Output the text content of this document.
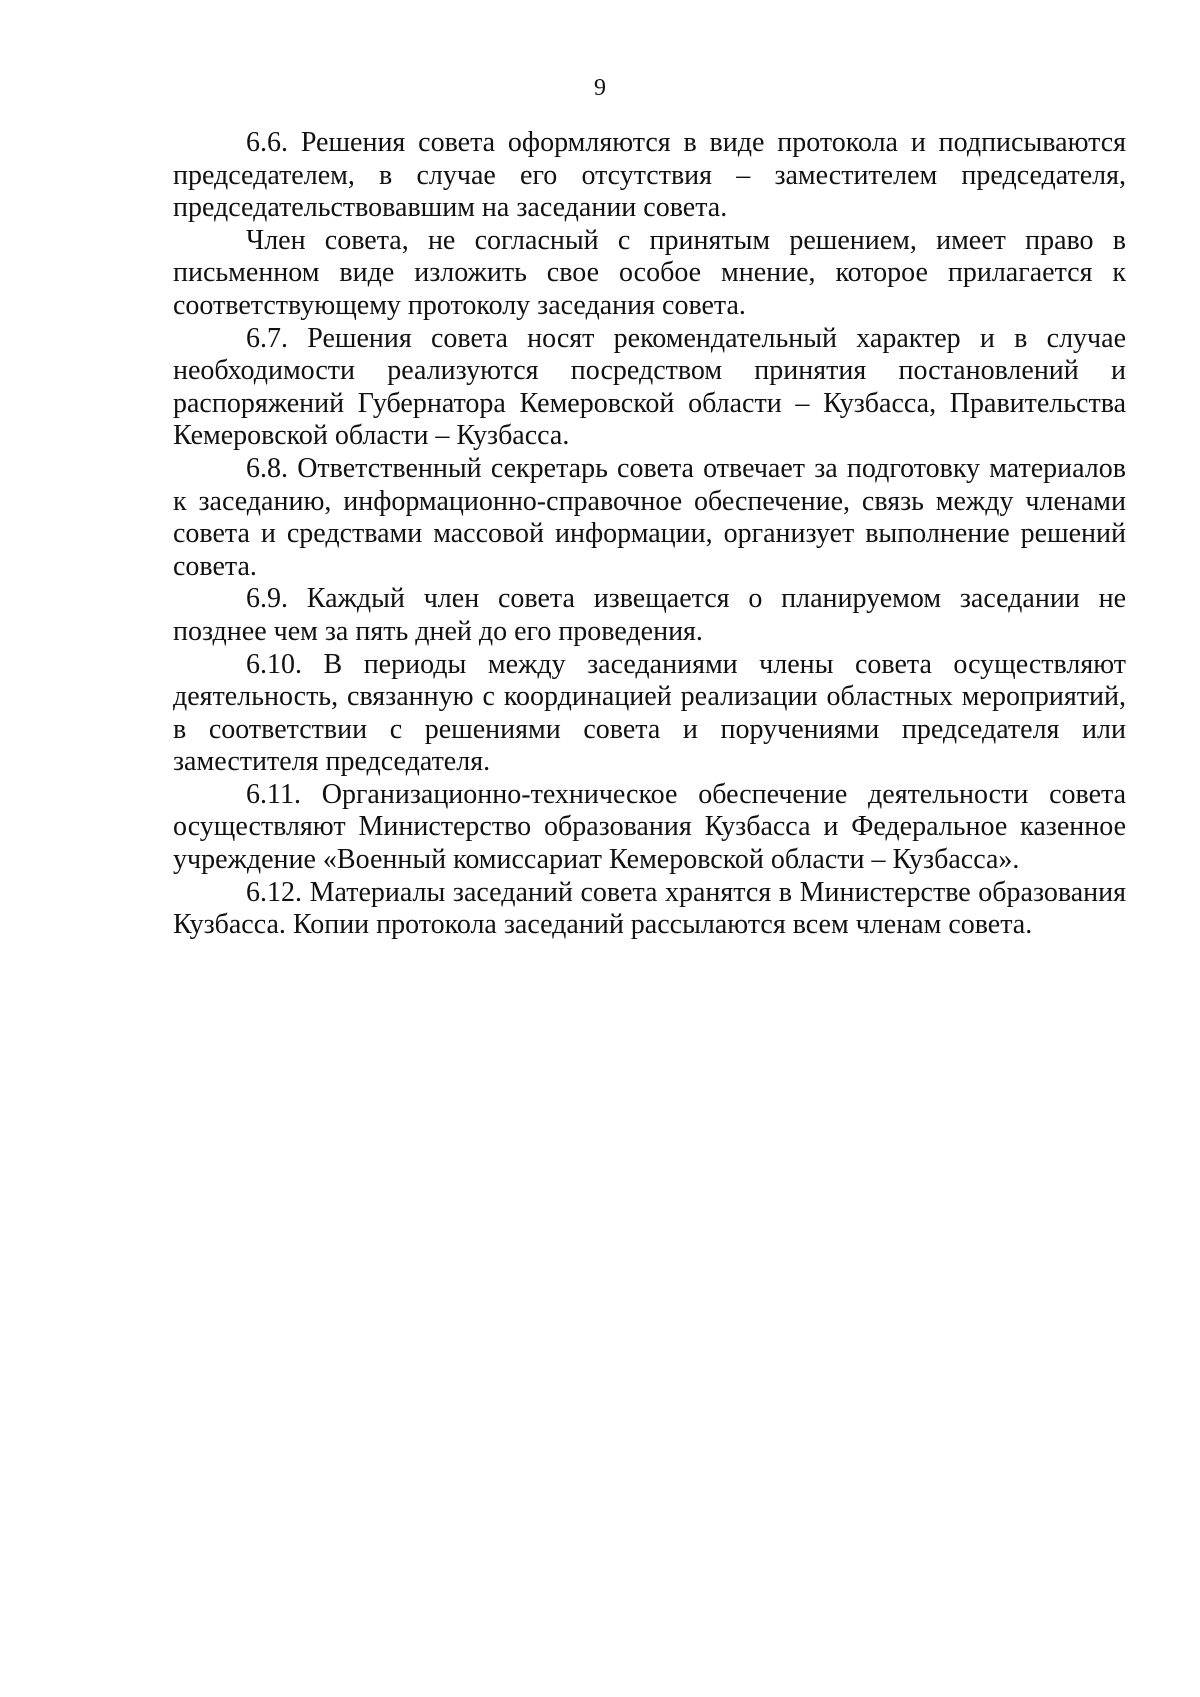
9

6.6. Решения совета оформляются в виде протокола и подписываются председателем, в случае его отсутствия – заместителем председателя, председательствовавшим на заседании совета.

Член совета, не согласный с принятым решением, имеет право в письменном виде изложить свое особое мнение, которое прилагается к соответствующему протоколу заседания совета.

6.7. Решения совета носят рекомендательный характер и в случае необходимости реализуются посредством принятия постановлений и распоряжений Губернатора Кемеровской области – Кузбасса, Правительства Кемеровской области – Кузбасса.

6.8. Ответственный секретарь совета отвечает за подготовку материалов к заседанию, информационно-справочное обеспечение, связь между членами совета и средствами массовой информации, организует выполнение решений совета.

6.9. Каждый член совета извещается о планируемом заседании не позднее чем за пять дней до его проведения.

6.10. В периоды между заседаниями члены совета осуществляют деятельность, связанную с координацией реализации областных мероприятий, в соответствии с решениями совета и поручениями председателя или заместителя председателя.

6.11. Организационно-техническое обеспечение деятельности совета осуществляют Министерство образования Кузбасса и Федеральное казенное учреждение «Военный комиссариат Кемеровской области – Кузбасса».

6.12. Материалы заседаний совета хранятся в Министерстве образования Кузбасса. Копии протокола заседаний рассылаются всем членам совета.
